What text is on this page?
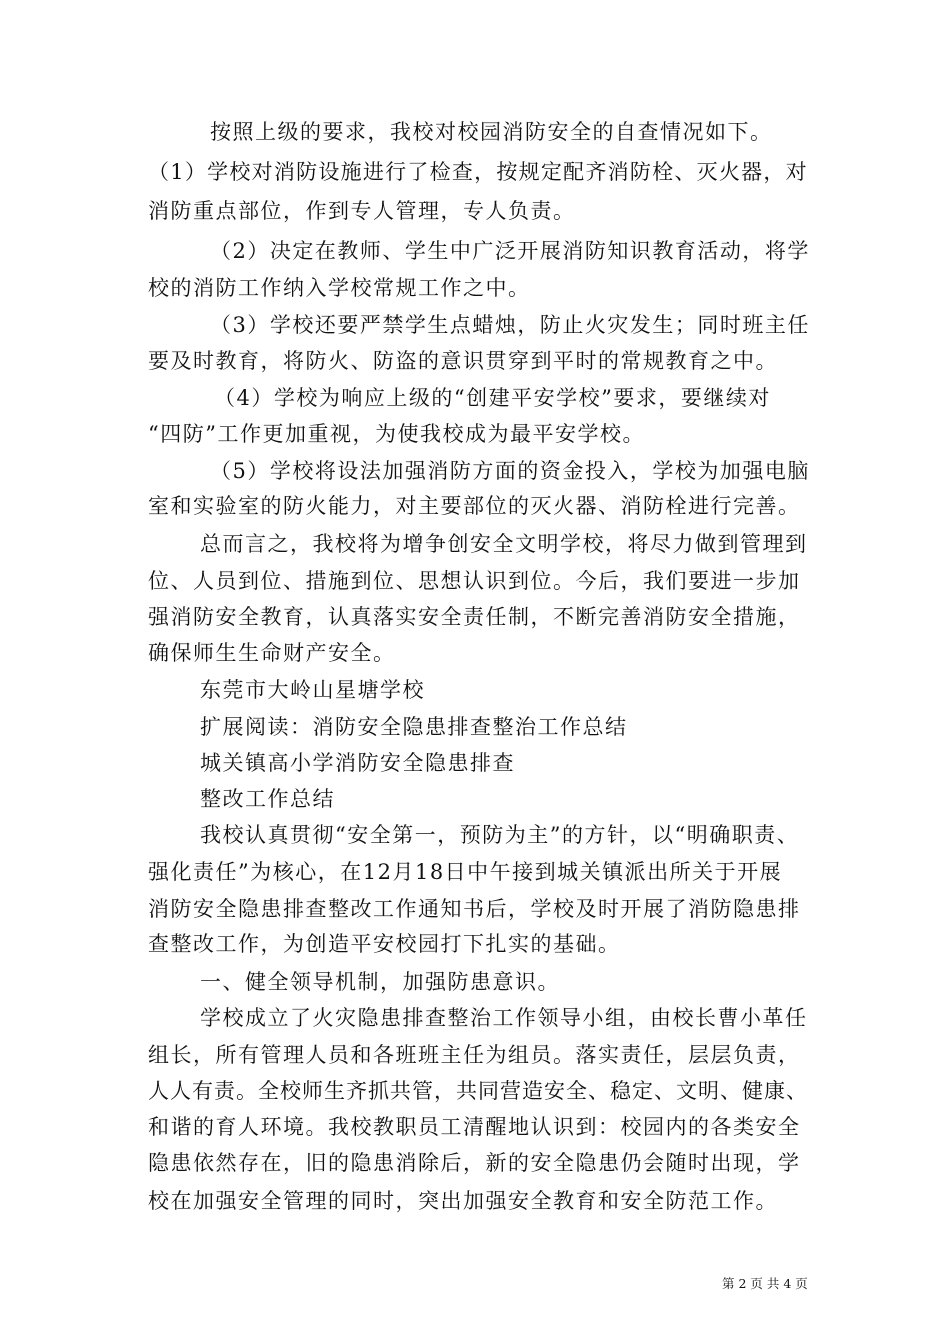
按照上级的要求，我校对校园消防安全的自查情况如下。
（1）学校对消防设施进行了检查，按规定配齐消防栓、灭火器，对
消防重点部位，作到专人管理，专人负责。
（2）决定在教师、学生中广泛开展消防知识教育活动，将学
校的消防工作纳入学校常规工作之中。
（3）学校还要严禁学生点蜡烛，防止火灾发生；同时班主任
要及时教育，将防火、防盗的意识贯穿到平时的常规教育之中。
（4）学校为响应上级的“创建平安学校”要求，要继续对
“四防”工作更加重视，为使我校成为最平安学校。
（5）学校将设法加强消防方面的资金投入，学校为加强电脑
室和实验室的防火能力，对主要部位的灭火器、消防栓进行完善。
总而言之，我校将为增争创安全文明学校，将尽力做到管理到
位、人员到位、措施到位、思想认识到位。今后，我们要进一步加
强消防安全教育，认真落实安全责任制，不断完善消防安全措施，
确保师生生命财产安全。
东莞市大岭山星塘学校
扩展阅读：消防安全隐患排查整治工作总结
城关镇高小学消防安全隐患排查
整改工作总结
我校认真贯彻“安全第一，预防为主”的方针，以“明确职责、
强化责任”为核心，在12月18日中午接到城关镇派出所关于开展
消防安全隐患排查整改工作通知书后，学校及时开展了消防隐患排
查整改工作，为创造平安校园打下扎实的基础。
一、健全领导机制，加强防患意识。
学校成立了火灾隐患排查整治工作领导小组，由校长曹小革任
组长，所有管理人员和各班班主任为组员。落实责任，层层负责，
人人有责。全校师生齐抓共管，共同营造安全、稳定、文明、健康、
和谐的育人环境。我校教职员工清醒地认识到：校园内的各类安全
隐患依然存在，旧的隐患消除后，新的安全隐患仍会随时出现，学
校在加强安全管理的同时，突出加强安全教育和安全防范工作。
第 2 页 共 4 页
